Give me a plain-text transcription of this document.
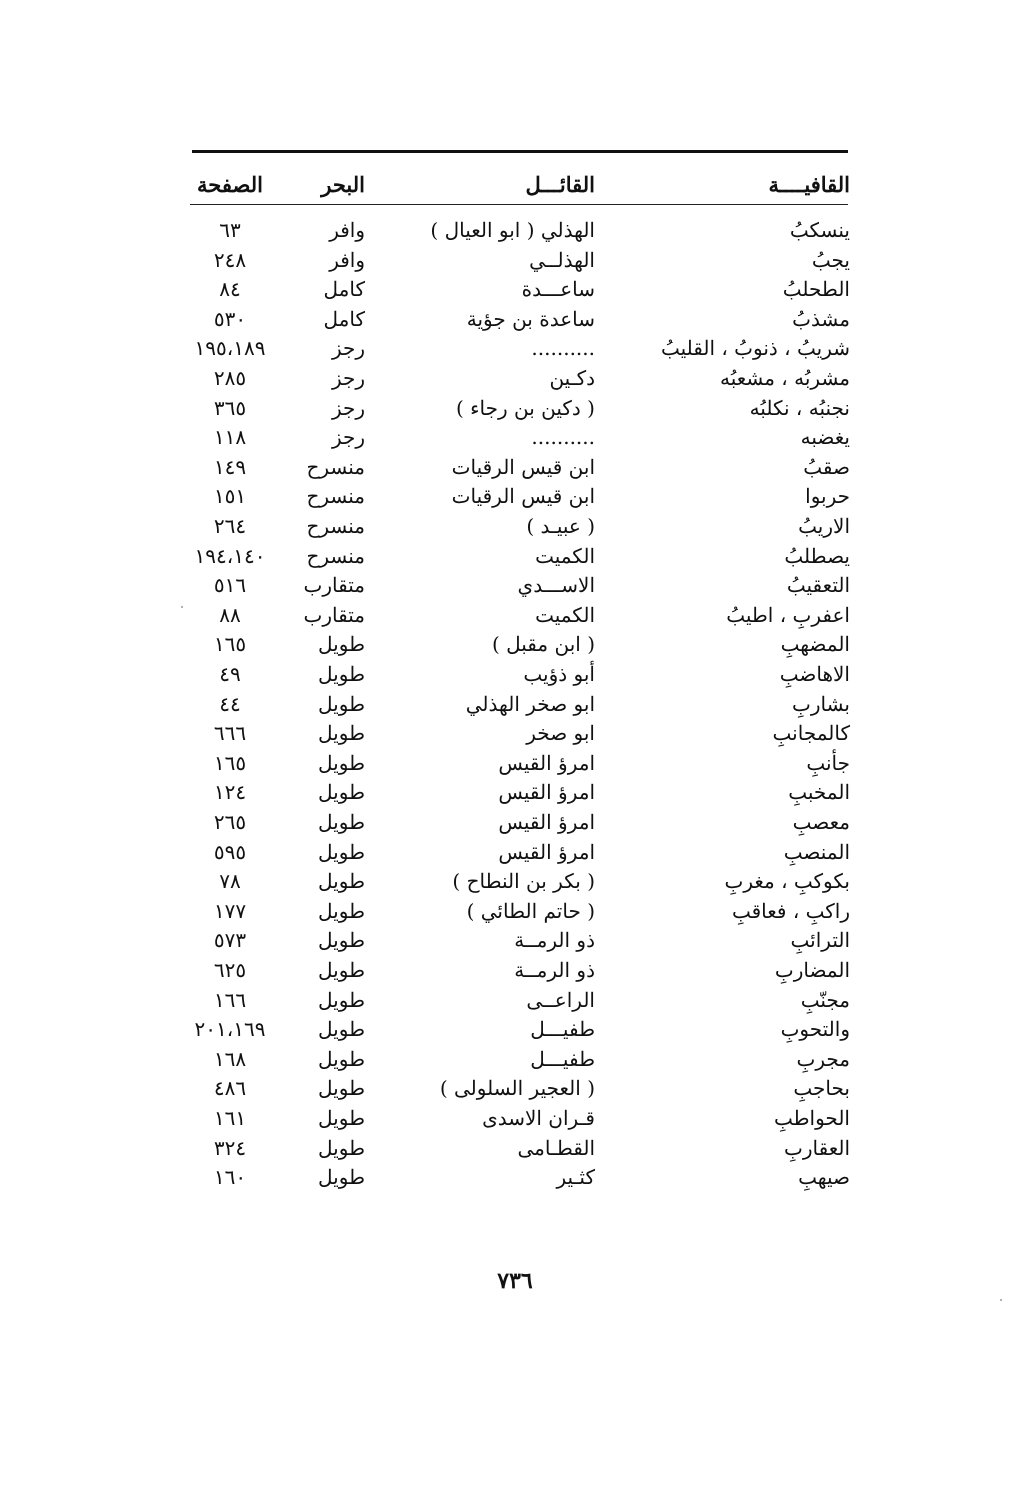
الصفحة	البحر	القائـــل	القافيــــة
٦٣	وافر	الهذلي ( ابو العيال )	ينسكبُ
٢٤٨	وافر	الهذلــي	يجبُ
٨٤	كامل	ساعـــدة	الطحلبُ
٥٣٠	كامل	ساعدة بن جؤية	مشذبُ
١٩٥،١٨٩	رجز	..........	شريبُ ، ذنوبُ ، القليبُ
٢٨٥	رجز	دكـين	مشربُه ، مشعبُه
٣٦٥	رجز	( دكين بن رجاء )	نجنبُه ، نكلبُه
١١٨	رجز	..........	يغضبه
١٤٩	منسرح	ابن قيس الرقيات	صقبُ
١٥١	منسرح	ابن قيس الرقيات	حربوا
٢٦٤	منسرح	( عبيـد )	الاريبُ
١٩٤،١٤٠	منسرح	الكميت	يصطلبُ
٥١٦	متقارب	الاســـدي	التعقيبُ
٨٨	متقارب	الكميت	اعفربِ ، اطيبُ
١٦٥	طويل	( ابن مقبل )	المضهبِ
٤٩	طويل	أبو ذؤيب	الاهاضبِ
٤٤	طويل	ابو صخر الهذلي	بشاربِ
٦٦٦	طويل	ابو صخر	كالمجانبِ
١٦٥	طويل	امرؤ القيس	جأنبِ
١٢٤	طويل	امرؤ القيس	المخببِ
٢٦٥	طويل	امرؤ القيس	معصبِ
٥٩٥	طويل	امرؤ القيس	المنصبِ
٧٨	طويل	( بكر بن النطاح )	بكوكبِ ، مغربِ
١٧٧	طويل	( حاتم الطائي )	راكبِ ، فعاقبِ
٥٧٣	طويل	ذو الرمــة	الترائبِ
٦٢٥	طويل	ذو الرمــة	المضاربِ
١٦٦	طويل	الراعــى	مجنّبِ
٢٠١،١٦٩	طويل	طفيـــل	والتحوبِ
١٦٨	طويل	طفيـــل	مجربِ
٤٨٦	طويل	( العجير السلولى )	بحاجبِ
١٦١	طويل	قـران الاسدى	الحواطبِ
٣٢٤	طويل	القطـامى	العقاربِ
١٦٠	طويل	كثـير	صيهبِ
٧٣٦
